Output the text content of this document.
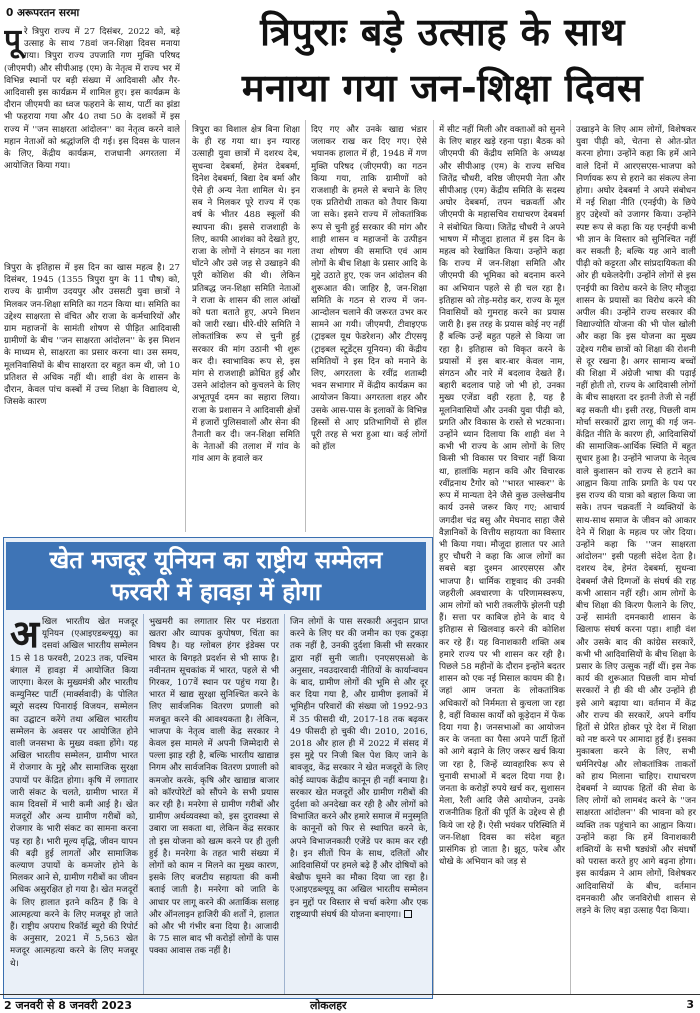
0 अरूपरतन सरमा	त्रिपुराः बड़े उत्साह के साथ
मनाया गया जन-शिक्षा दिवस
पू रे त्रिपुरा राज्य में 27 दिसंबर, 2022 को, बड़े उत्साह के साथ 78वां जन-शिक्षा दिवस मनाया गया। त्रिपुरा राज्य उपजाति गण मुक्ति परिषद (जीएमपी) और सीपीआइ (एम) के नेतृत्व में राज्य भर में विभिन्न स्थानों पर बड़ी संख्या में आदिवासी और गैर-आदिवासी इस कार्यक्रम में शामिल हुए। इस कार्यक्रम के दौरान जीएमपी का ध्वज फहराने के साथ, पार्टी का झंडा भी फहराया गया और 40 तथा 50 के दशकों में इस राज्य में ''जन साक्षरता आंदोलन'' का नेतृत्व करने वाले महान नेताओं को श्रद्धांजलि दी गई। इस दिवस के पालन के लिए, केंद्रीय कार्यक्रम, राजधानी अगरतला में आयोजित किया गया।
त्रिपुरा के इतिहास में इस दिन का खास महत्व है। 27 दिसंबर, 1945 (1355 त्रिपुरा युग के 11 पौष) को, राज्य के ग्रामीण उदयपुर और उससटी युवा छात्रों ने मिलकर जन-शिक्षा समिति का गठन किया था। समिति का उद्देश्य साक्षरता से वंचित और राजा के कर्मचारियों और ग्राम महाजनों के सामंती शोषण से पीड़ित आदिवासी ग्रामीणों के बीच ''जन साक्षरता आंदोलन'' के इस मिशन के माध्यम से, साक्षरता का प्रसार करना था। उस समय, मूलनिवासियों के बीच साक्षरता दर बहुत कम थी, जो 10 प्रतिशत से अधिक नहीं थी। शाही वंश के शासन के दौरान, केवल पांच कस्बों में उच्च शिक्षा के विद्यालय थे, जिसके कारण
त्रिपुरा का विशाल क्षेत्र बिना शिक्षा के ही रह गया था। इन ग्यारह उत्साही युवा छात्रों में दशरथ देब, सुधन्वा देबबर्मा, हेमंत देबबर्मा, दिनेश देबबर्मा, बिद्या देब बर्मा और ऐसे ही अन्य नेता शामिल थे। इन सब ने मिलकर पूरे राज्य में एक वर्ष के भीतर 488 स्कूलों की स्थापना की। इससे राजशाही के लिए, काफी आशंका को देखते हुए, राजा के लोगों ने संगठन का गला घोंटने और उसे जड़ से उखाड़ने की पूरी कोशिश की थी। लेकिन प्रतिबद्ध जन-शिक्षा समिति नेताओं ने राजा के शासन की लाल आंखों को धता बताते हुए, अपने मिशन को जारी रखा। धीरे-धीरे समिति ने लोकतांत्रिक रूप से चुनी हुई सरकार की मांग उठानी भी शुरू कर दी। स्वाभाविक रूप से, इस मांग से राजशाही क्रोधित हुई और उसने आंदोलन को कुचलने के लिए अभूतपूर्व दमन का सहारा लिया। राजा के प्रशासन ने आदिवासी क्षेत्रों में हजारों पुलिसवालों और सेना की तैनाती कर दी। जन-शिक्षा समिति के नेताओं की तलाश में गांव के गांव आग के हवाले कर
दिए गए और उनके खाद्य भंडार जलाकर राख कर दिए गए। ऐसे भयानक हालात में ही, 1948 में गण मुक्ति परिषद (जीएमपी) का गठन किया गया, ताकि ग्रामीणों को राजशाही के हमले से बचाने के लिए एक प्रतिरोधी ताकत को तैयार किया जा सके। इसने राज्य में लोकतांत्रिक रूप से चुनी हुई सरकार की मांग और शाही शासन व महाजनों के उत्पीड़न तथा शोषण की समाप्ति एवं आम लोगों के बीच शिक्षा के प्रसार आदि के मुद्दे उठाते हुए, एक जन आंदोलन की शुरूआत की। जाहिर है, जन-शिक्षा समिति के गठन से राज्य में जन-आन्दोलन चलाने की जरूरत उभर कर सामने आ गयी। जीएमपी, टीवाइएफ (ट्राइबल यूथ फेडरेशन) और टीएसयू (ट्राइबल स्टूडेंट्स यूनियन) की केंद्रीय समितियों ने इस दिन को मनाने के लिए, अगरतला के रवींद्र शताब्दी भवन सभागार में केंद्रीय कार्यक्रम का आयोजन किया। अगरतला शहर और उसके आस-पास के इलाकों के विभिन्न हिस्सों से आए प्रतिभागियों से हॉल पूरी तरह से भरा हुआ था। कई लोगों को हॉल
में सीट नहीं मिली और वक्ताओं को सुनने के लिए बाहर खड़े रहना पड़ा। बैठक को जीएमपी की केंद्रीय समिति के अध्यक्ष और सीपीआइ (एम) के राज्य सचिव जितेंद्र चौधरी, वरिष्ठ जीएमपी नेता और सीपीआइ (एम) केंद्रीय समिति के सदस्य अघोर देबबर्मा, तपन चक्रवर्ती और जीएमपी के महासचिव राधाचरण देबबर्मा ने संबोधित किया। जितेंद्र चौधरी ने अपने भाषण में मौजूदा हालात में इस दिन के महत्व को रेखांकित किया। उन्होंने कहा कि राज्य में जन-शिक्षा समिति और जीएमपी की भूमिका को बदनाम करने का अभियान पहले से ही चल रहा है। इतिहास को तोड़-मरोड़ कर, राज्य के मूल निवासियों को गुमराह करने का प्रयास जारी है। इस तरह के प्रयास कोई नए नहीं हैं बल्कि उन्हें बहुत पहले से किया जा रहा है। इतिहास को विकृत करने के प्रयासों में इस बार-बार केवल नाम, संगठन और नारे में बदलाव देखते हैं। बहारी बदलाव पाहे जो भी हो, उनका मुख्य एजेंडा वही रहता है, यह है मूलनिवासियों और उनकी युवा पीढ़ी को, प्रगति और विकास के रास्ते से भटकाना। उन्होंने ध्यान दिलाया कि शाही वंश ने कभी भी राज्य के आम लोगों के लिए किसी भी विकास पर विचार नहीं किया था, हालांकि महान कवि और विचारक रवींद्रनाथ टैगोर को ''भारत भास्कर'' के रूप में मान्यता देने जैसे कुछ उल्लेखनीय कार्य उनसे जरूर किए गए; आचार्य जगदीश चंद्र बसु और मेघनाद साहा जैसे वैज्ञानिकों के वित्तीय सहायता का विस्तार भी किया गया। मौजूदा हालात पर आते हुए चौधरी ने कहा कि आज लोगों का सबसे बड़ा दुश्मन आरएसएस और भाजपा है। धार्मिक राष्ट्रवाद की उनकी जहरीली अवधारणा के परिणामस्वरूप, आम लोगों को भारी तकलीफें झेलनी पड़ी हैं। सत्ता पर काबिज होने के बाद ये इतिहास से खिलवाड़ करने की कोशिश कर रहे हैं। यह विनाशकारी शक्ति अब हमारे राज्य पर भी शासन कर रही है। पिछले 58 महीनों के दौरान इन्होंने बदतर शासन को एक नई मिसाल कायम की है। जहां आम जनता के लोकतांत्रिक अधिकारों को निर्ममता से कुचला जा रहा है, वहीं विकास कार्यों को कूड़ेदान में फेंक दिया गया है। जनसभाओं का आयोजन कर के जनता का पैसा अपने पार्टी हितों को आगे बढ़ाने के लिए जरूर खर्च किया जा रहा है, जिन्हें व्यावहारिक रूप से चुनावी सभाओं में बदल दिया गया है। जनता के करोड़ों रुपये खर्च कर, सुशासन मेला, रैली आदि जैसे आयोजन, उनके राजनीतिक हितों की पूर्ति के उद्देश्य से ही किये जा रहे हैं। ऐसी भयंकर परिस्थिति में जन-शिक्षा दिवस का संदेश बहुत प्रासंगिक हो जाता है। झूठ, फरेब और धोखे के अभियान को जड़ से
उखाड़ने के लिए आम लोगों, विशेषकर युवा पीढ़ी को, चेतना से ओत-प्रोत करना होगा। उन्होंने कहा कि हमें आने वाले दिनों में आरएसएस-भाजपा को निर्णायक रूप से हराने का संकल्प लेना होगा। अघोर देबबर्मा ने अपने संबोधन में नई शिक्षा नीति (एनईपी) के छिपे हुए उद्देश्यों को उजागर किया। उन्होंने स्पष्ट रूप से कहा कि यह एनईपी कभी भी ज्ञान के विस्तार को सुनिश्चित नहीं कर सकती है; बल्कि यह आने वाली पीढ़ी को कट्टरता और सांप्रदायिकता की ओर ही धकेलदेगी। उन्होंने लोगों से इस एनईपी का विरोध करने के लिए मौजूदा शासन के प्रयासों का विरोध करने की अपील की। उन्होंने राज्य सरकार की विद्याज्योति योजना की भी पोल खोली और कहा कि इस योजना का मुख्य उद्देश्य गरीब छात्रों को शिक्षा की रोशनी से दूर रखना है। अगर सामान्य बच्चों की शिक्षा में अंग्रेजी भाषा की पढ़ाई नहीं होती तो, राज्य के आदिवासी लोगों के बीच साक्षरता दर इतनी तेजी से नहीं बढ़ सकती थी। इसी तरह, पिछली वाम मोर्चा सरकारों द्वारा लागू की गई जन-केंद्रित नीति के कारण ही, आदिवासियों की सामाजिक-आर्थिक स्थिति में बहुत सुधार हुआ है। उन्होंने भाजपा के नेतृत्व वाले कुशासन को राज्य से हटाने का आह्वान किया ताकि प्रगति के पथ पर इस राज्य की यात्रा को बहाल किया जा सके। तपन चक्रवर्ती ने व्यक्तियों के साथ-साथ समाज के जीवन को आकार देने में शिक्षा के महत्व पर जोर दिया। उन्होंने कहा कि ''जन साक्षरता आंदोलन'' इसी पहली संदेश देता है। दशरथ देब, हेमंत देबबर्मा, सुधन्वा देबबर्मा जैसे दिग्गजों के संघर्ष की राह कभी आसान नहीं रही। आम लोगों के बीच शिक्षा की किरण फैलाने के लिए, उन्हें सामंती दमनकारी शासन के खिलाफ संघर्ष करना पड़ा। शाही वंश और उसके बाद की कांग्रेस सरकारें, कभी भी आदिवासियों के बीच शिक्षा के प्रसार के लिए उत्सुक नहीं थीं। इस नेक कार्य की शुरूआत पिछली वाम मोर्चा सरकारों ने ही की थी और उन्होंने ही इसे आगे बढ़ाया था। वर्तमान में केंद्र और राज्य की सरकारें, अपने वर्गीय हितों से प्रेरित होकर पूरे देश में शिक्षा को नष्ट करने पर आमादा हुई हैं। इसका मुकाबला करने के लिए, सभी धर्मनिरपेक्ष और लोकतांत्रिक ताकतों को हाथ मिलाना चाहिए। राधाचरण देबबर्मा ने व्यापक हितों की सेवा के लिए लोगों को लामबंद करने के ''जन साक्षरता आंदोलन'' की भावना को हर व्यक्ति तक पहुंचाने का आह्वान किया। उन्होंने कहा कि हमें विनाशकारी शक्तियों के सभी षड्यंत्रों और संघर्षों को परास्त करते हुए आगे बढ़ना होगा। इस कार्यक्रम ने आम लोगों, विशेषकर आदिवासियों के बीच, वर्तमान दमनकारी और जनविरोधी शासन से लड़ने के लिए बड़ा उत्साह पैदा किया।
खेत मजदूर यूनियन का राष्ट्रीय सम्मेलन
फरवरी में हावड़ा में होगा
अ खिल भारतीय खेत मजदूर यूनियन (एआइएडब्ल्यूयू) का दसवां अखिल भारतीय सम्मेलन 15 से 18 फरवरी, 2023 तक, पश्चिम बंगाल में हावड़ा में आयोजित किया जाएगा। केरल के मुख्यमंत्री और भारतीय कम्युनिस्ट पार्टी (मार्क्सवादी) के पोलित ब्यूरो सदस्य पिनाराई विजयन, सम्मेलन का उद्घाटन करेंगे तथा अखिल भारतीय सम्मेलन के अवसर पर आयोजित होने वाली जनसभा के मुख्य वक्ता होंगे। यह अखिल भारतीय सम्मेलन, ग्रामीण भारत में रोजगार के मुद्दे और सामाजिक सुरक्षा उपायों पर केंद्रित होगा। कृषि में लगातार जारी संकट के चलते, ग्रामीण भारत में काम दिवसों में भारी कमी आई है। खेत मजदूरों और अन्य ग्रामीण गरीबों को, रोजगार के भारी संकट का सामना करना पड़ रहा है। भारी मूल्य वृद्धि, जीवन यापन की बढ़ी हुई लागतों और सामाजिक कल्याण उपायों के कमजोर होने के मिलकर आने से, ग्रामीण गरीबों का जीवन अधिक असुरक्षित हो गया है। खेत मजदूरों के लिए हालात इतने कठिन हैं कि वे आत्महत्या करने के लिए मजबूर हो जाते हैं। राष्ट्रीय अपराध रिकॉर्ड ब्यूरो की रिपोर्ट के अनुसार, 2021 में 5,563 खेत मजदूर आत्महत्या करने के लिए मजबूर थे।
भुखमरी का लगातार सिर पर मंडराता खतरा और व्यापक कुपोषण, चिंता का विषय है। यह ग्लोबल हंगर इंडेक्स पर भारत के बिगड़ते प्रदर्शन से भी साफ है। नवीनतम सूचकांक में भारत, पहले से भी गिरकर, 107वें स्थान पर पहुंच गया है। भारत में खाद्य सुरक्षा सुनिश्चित करने के लिए सार्वजनिक वितरण प्रणाली को मजबूत करने की आवश्यकता है। लेकिन, भाजपा के नेतृत्व वाली केंद्र सरकार ने केवल इस मामले में अपनी जिम्मेदारी से पल्ला झाड़ रही है, बल्कि भारतीय खाद्यान्न निगम और सार्वजनिक वितरण प्रणाली को कमजोर करके, कृषि और खाद्यान्न बाजार को कॉरपोरेटों को सौंपने के सभी प्रयास कर रही है। मनरेगा से ग्रामीण गरीबों और ग्रामीण अर्थव्यवस्था को, इस दुरावस्था से उबारा जा सकता था, लेकिन केंद्र सरकार तो इस योजना को खत्म करने पर ही तुली हुई है। मनरेगा के तहत भारी संख्या में लोगों को काम न मिलने का मुख्य कारण, इसके लिए बजटीय सहायता की कमी बताई जाती है। मनरेगा को जाति के आधार पर लागू करने की अतार्किक सलाह और ऑनलाइन हाजिरी की शर्तों ने, हालात को और भी गंभीर बना दिया है। आजादी के 75 साल बाद भी करोड़ों लोगों के पास पक्का आवास तक नहीं है।
जिन लोगों के पास सरकारी अनुदान प्राप्त करने के लिए घर की जमीन का एक टुकड़ा तक नहीं है, उनकी दुर्दशा किसी भी सरकार द्वारा नहीं सुनी जाती। एनएसएसओ के अनुसार, नवउदारवादी नीतियों के कार्यान्वयन के बाद, ग्रामीण लोगों की भूमि से और दूर कर दिया गया है, और ग्रामीण इलाकों में भूमिहीन परिवारों की संख्या जो 1992-93 में 35 फीसदी थी, 2017-18 तक बढ़कर 49 फीसदी हो चुकी थी। 2010, 2016, 2018 और हाल ही में 2022 में संसद में इस मुद्दे पर निजी बिल पेश किए जाने के बावजूद, केंद्र सरकार ने खेत मजदूरों के लिए कोई व्यापक केंद्रीय कानून ही नहीं बनाया है। सरकार खेत मजदूरों और ग्रामीण गरीबों की दुर्दशा को अनदेखा कर रही है और लोगों को विभाजित करने और हमारे समाज में मनुस्मृति के कानूनों को फिर से स्थापित करने के, अपने विभाजनकारी एजेंडे पर काम कर रही है। इन सीतों पिन के साथ, दलितों और आदिवासियों पर हमले बढ़े हैं और दोषियों को बेखौफ घूमने का मौका दिया जा रहा है। एआइएडब्ल्यूयू का अखिल भारतीय सम्मेलन इन मुद्दों पर विस्तार से चर्चा करेगा और एक राष्ट्रव्यापी संघर्ष की योजना बनाएगा।
2 जनवरी से 8 जनवरी 2023	लोकलहर	3
